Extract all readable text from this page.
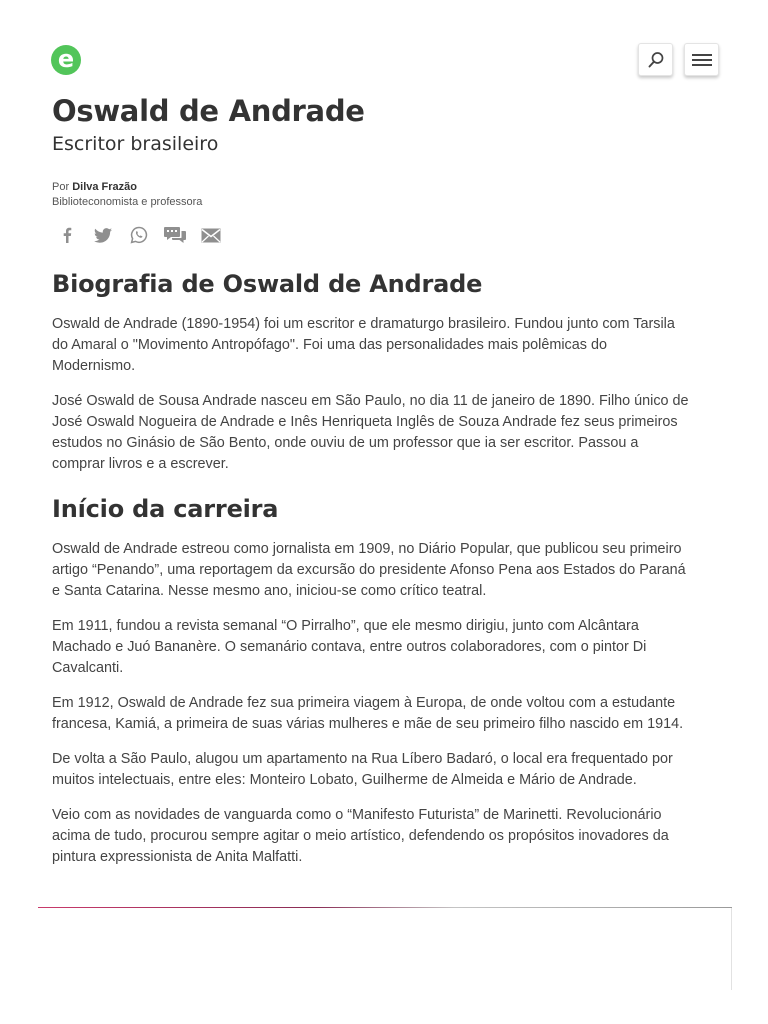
e
Oswald de Andrade

Escritor brasileiro

Por Dilva Frazão
Biblioteconomista e professora
Biografia de Oswald de Andrade

Oswald de Andrade (1890-1954) foi um escritor e dramaturgo brasileiro. Fundou junto com Tarsila do Amaral o "Movimento Antropófago". Foi uma das personalidades mais polêmicas do Modernismo.

José Oswald de Sousa Andrade nasceu em São Paulo, no dia 11 de janeiro de 1890. Filho único de José Oswald Nogueira de Andrade e Inês Henriqueta Inglês de Souza Andrade fez seus primeiros estudos no Ginásio de São Bento, onde ouviu de um professor que ia ser escritor. Passou a comprar livros e a escrever.

Início da carreira

Oswald de Andrade estreou como jornalista em 1909, no Diário Popular, que publicou seu primeiro artigo “Penando”, uma reportagem da excursão do presidente Afonso Pena aos Estados do Paraná e Santa Catarina. Nesse mesmo ano, iniciou-se como crítico teatral.

Em 1911, fundou a revista semanal “O Pirralho”, que ele mesmo dirigiu, junto com Alcântara Machado e Juó Bananère. O semanário contava, entre outros colaboradores, com o pintor Di Cavalcanti.

Em 1912, Oswald de Andrade fez sua primeira viagem à Europa, de onde voltou com a estudante francesa, Kamiá, a primeira de suas várias mulheres e mãe de seu primeiro filho nascido em 1914.

De volta a São Paulo, alugou um apartamento na Rua Líbero Badaró, o local era frequentado por muitos intelectuais, entre eles: Monteiro Lobato, Guilherme de Almeida e Mário de Andrade.

Veio com as novidades de vanguarda como o “Manifesto Futurista” de Marinetti. Revolucionário acima de tudo, procurou sempre agitar o meio artístico, defendendo os propósitos inovadores da pintura expressionista de Anita Malfatti.
